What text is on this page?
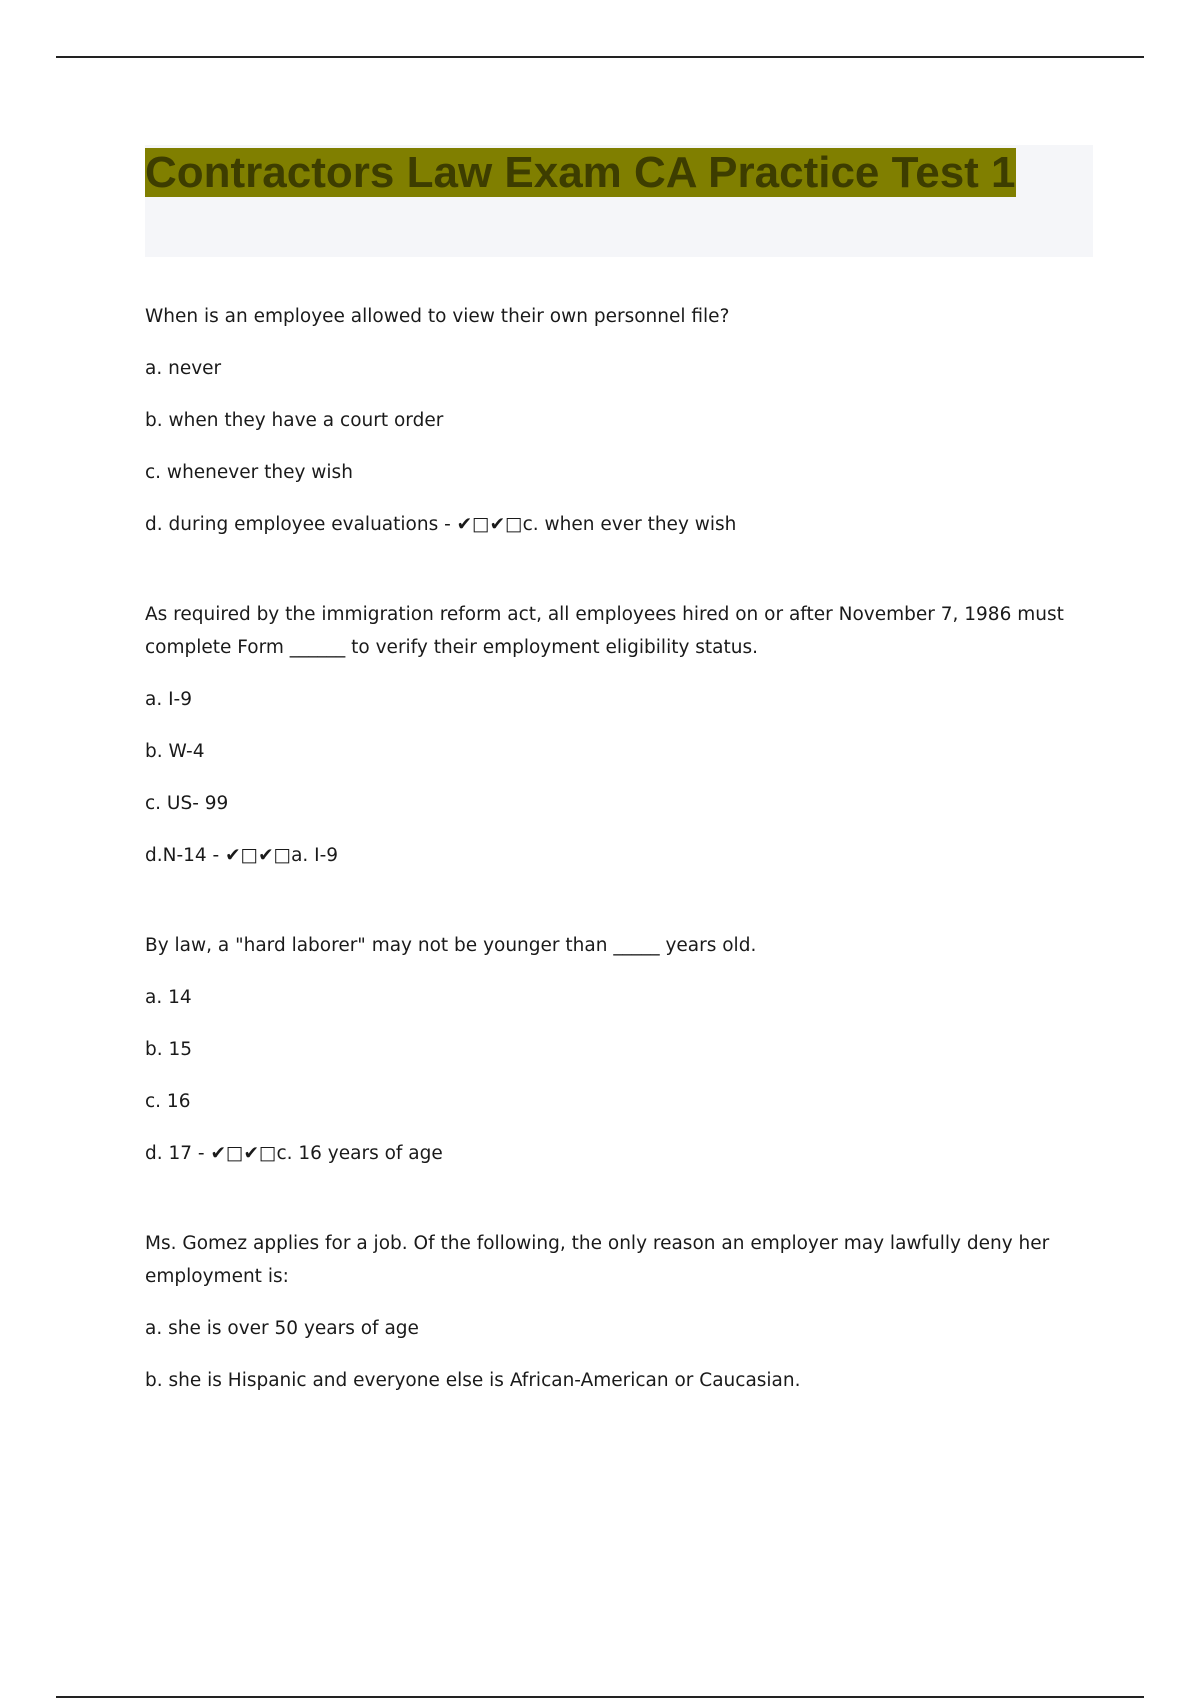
Contractors Law Exam CA Practice Test 1

When is an employee allowed to view their own personnel file?

a. never

b. when they have a court order

c. whenever they wish

d. during employee evaluations - ✔□✔□c. when ever they wish

As required by the immigration reform act, all employees hired on or after November 7, 1986 must complete Form ______ to verify their employment eligibility status.

a. I-9

b. W-4

c. US- 99

d.N-14 - ✔□✔□a. I-9

By law, a "hard laborer" may not be younger than _____ years old.

a. 14

b. 15

c. 16

d. 17 - ✔□✔□c. 16 years of age

Ms. Gomez applies for a job. Of the following, the only reason an employer may lawfully deny her employment is:

a. she is over 50 years of age

b. she is Hispanic and everyone else is African-American or Caucasian.
